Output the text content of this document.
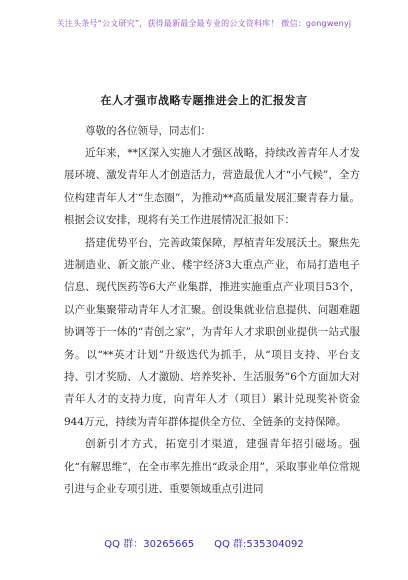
关注头条号“公文研究”，获得最新最全最专业的公文资料库！ 微信：gongwenyj
在人才强市战略专题推进会上的汇报发言
尊敬的各位领导，同志们：

近年来，**区深入实施人才强区战略，持续改善青年人才发展环境、激发青年人才创造活力，营造最优人才“小气候”，全方位构建青年人才“生态圈”，为推动**高质量发展汇聚青春力量。根据会议安排，现将有关工作进展情况汇报如下：

搭建优势平台，完善政策保障，厚植青年发展沃土。聚焦先进制造业、新文旅产业、楼宇经济3大重点产业，布局打造电子信息、现代医药等6大产业集群，推进实施重点产业项目53个，以产业集聚带动青年人才汇聚。创设集就业信息提供、问题难题协调等于一体的“青创之家”，为青年人才求职创业提供一站式服务。以“**英才计划”升级迭代为抓手，从“项目支持、平台支持、引才奖励、人才激励、培养奖补、生活服务”6个方面加大对青年人才的支持力度，向青年人才（项目）累计兑现奖补资金944万元，持续为青年群体提供全方位、全链条的支持保障。

创新引才方式，拓宽引才渠道，建强青年招引磁场。强化“有解思维”，在全市率先推出“政录企用”，采取事业单位常规引进与企业专项引进、重要领域重点引进同

QQ 群：30265665 QQ 群:535304092
